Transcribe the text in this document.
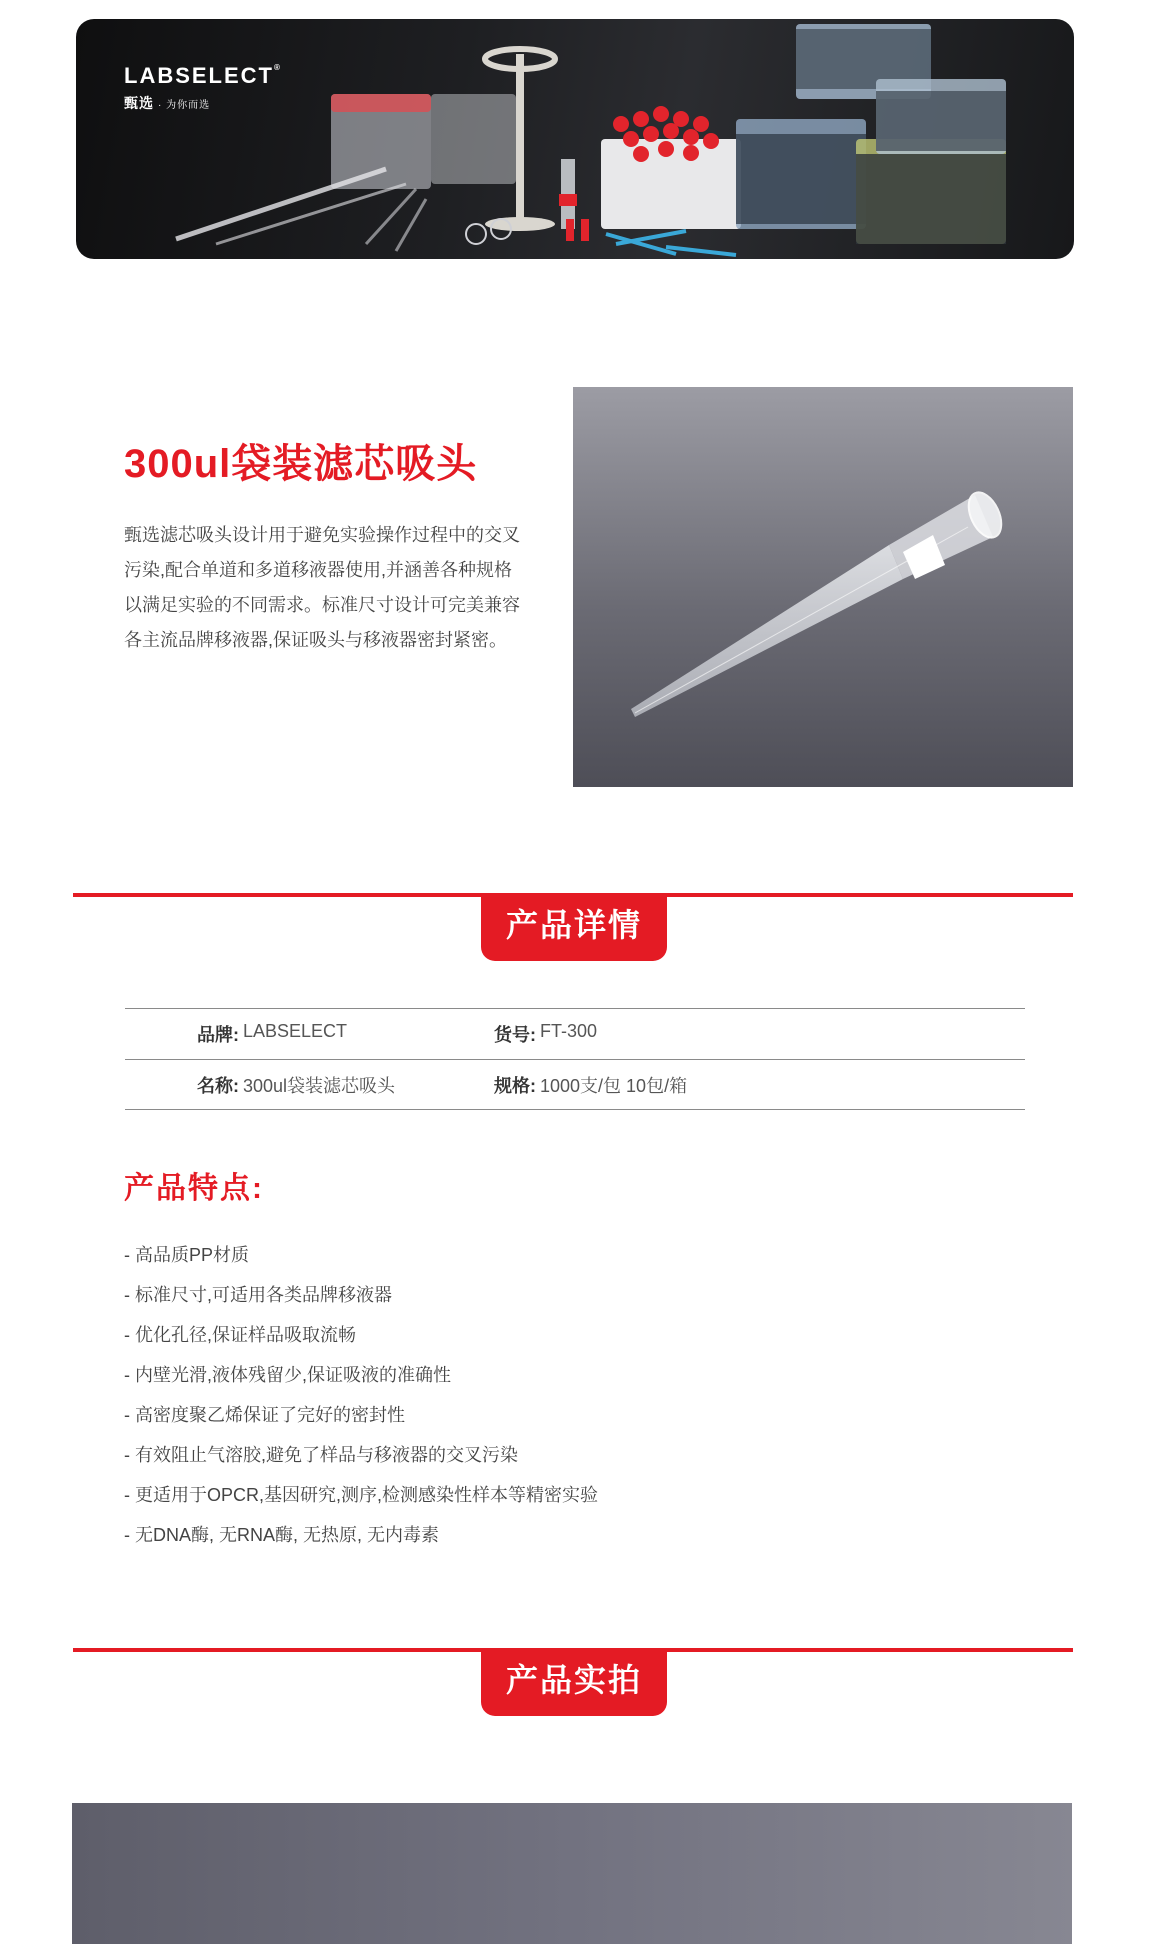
LABSELECT®
甄选 · 为你而选
300ul袋装滤芯吸头

甄选滤芯吸头设计用于避免实验操作过程中的交叉污染,配合单道和多道移液器使用,并涵善各种规格以满足实验的不同需求。标准尺寸设计可完美兼容各主流品牌移液器,保证吸头与移液器密封紧密。

产品详情
品牌: LABSELECT	货号: FT-300
名称: 300ul袋装滤芯吸头	规格: 1000支/包 10包/箱
产品特点:
- 高品质PP材质
- 标准尺寸,可适用各类品牌移液器
- 优化孔径,保证样品吸取流畅
- 内壁光滑,液体残留少,保证吸液的准确性
- 高密度聚乙烯保证了完好的密封性
- 有效阻止气溶胶,避免了样品与移液器的交叉污染
- 更适用于OPCR,基因研究,测序,检测感染性样本等精密实验
- 无DNA酶, 无RNA酶, 无热原, 无内毒素
产品实拍
